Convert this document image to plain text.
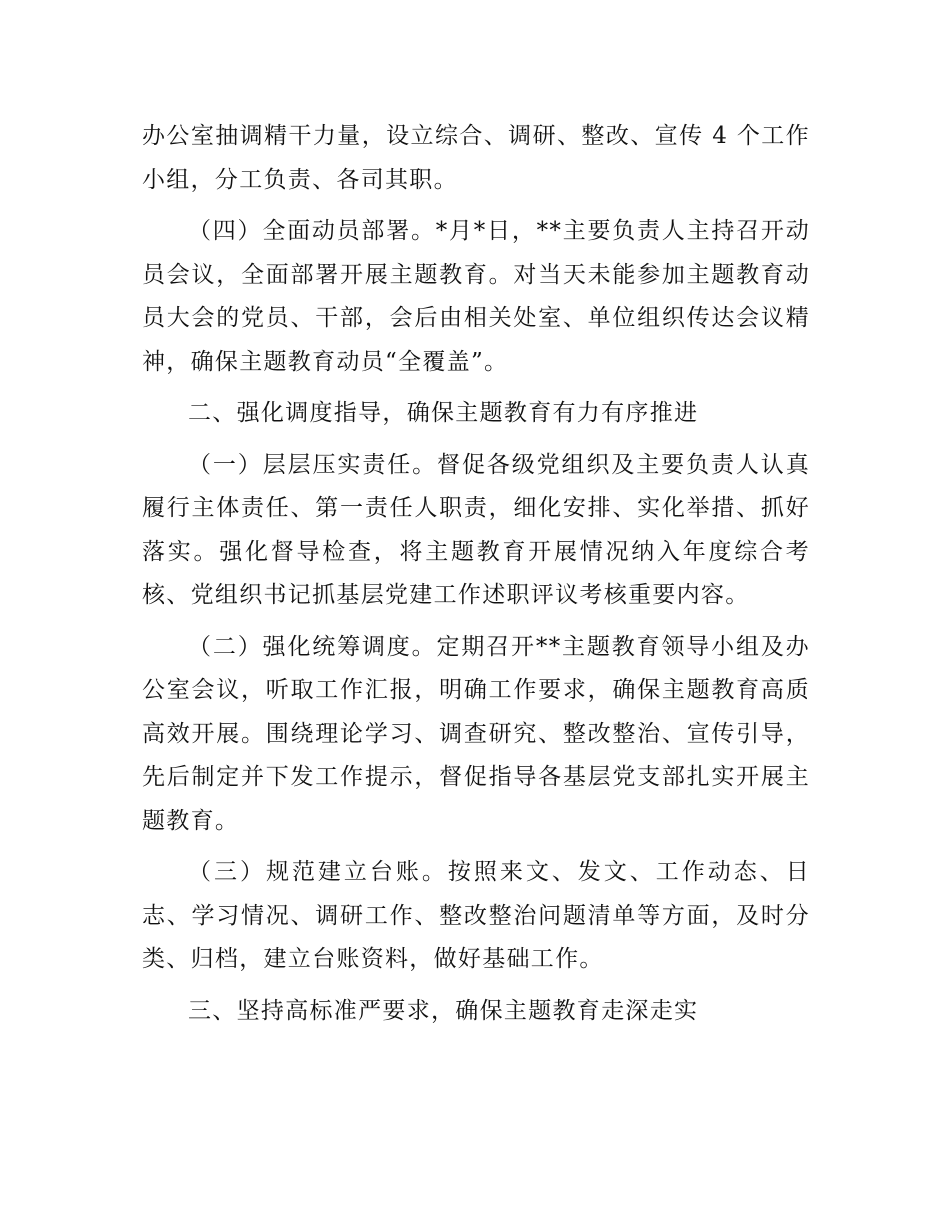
办公室抽调精干力量，设立综合、调研、整改、宣传 4 个工作小组，分工负责、各司其职。

（四）全面动员部署。*月*日，**主要负责人主持召开动员会议，全面部署开展主题教育。对当天未能参加主题教育动员大会的党员、干部，会后由相关处室、单位组织传达会议精神，确保主题教育动员“全覆盖”。

二、强化调度指导，确保主题教育有力有序推进

（一）层层压实责任。督促各级党组织及主要负责人认真履行主体责任、第一责任人职责，细化安排、实化举措、抓好落实。强化督导检查，将主题教育开展情况纳入年度综合考核、党组织书记抓基层党建工作述职评议考核重要内容。

（二）强化统筹调度。定期召开**主题教育领导小组及办公室会议，听取工作汇报，明确工作要求，确保主题教育高质高效开展。围绕理论学习、调查研究、整改整治、宣传引导，先后制定并下发工作提示，督促指导各基层党支部扎实开展主题教育。

（三）规范建立台账。按照来文、发文、工作动态、日志、学习情况、调研工作、整改整治问题清单等方面，及时分类、归档，建立台账资料，做好基础工作。

三、坚持高标准严要求，确保主题教育走深走实
